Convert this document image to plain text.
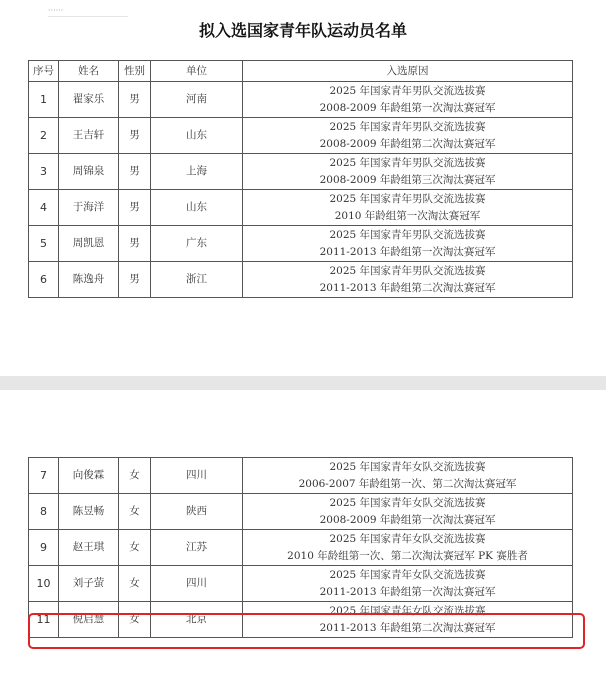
······
拟入选国家青年队运动员名单
序号	姓名	性别	单位	入选原因
1	翟家乐	男	河南	2025 年国家青年男队交流选拔赛
2008-2009 年龄组第一次淘汰赛冠军

2	王吉轩	男	山东	2025 年国家青年男队交流选拔赛
2008-2009 年龄组第二次淘汰赛冠军

3	周锦泉	男	上海	2025 年国家青年男队交流选拔赛
2008-2009 年龄组第三次淘汰赛冠军

4	于海洋	男	山东	2025 年国家青年男队交流选拔赛
2010 年龄组第一次淘汰赛冠军

5	周凯恩	男	广东	2025 年国家青年男队交流选拔赛
2011-2013 年龄组第一次淘汰赛冠军

6	陈逸舟	男	浙江	2025 年国家青年男队交流选拔赛
2011-2013 年龄组第二次淘汰赛冠军
7	向俊霖	女	四川	2025 年国家青年女队交流选拔赛
2006-2007 年龄组第一次、第二次淘汰赛冠军

8	陈昱畅	女	陕西	2025 年国家青年女队交流选拔赛
2008-2009 年龄组第一次淘汰赛冠军

9	赵王琪	女	江苏	2025 年国家青年女队交流选拔赛
2010 年龄组第一次、第二次淘汰赛冠军 PK 赛胜者

10	刘子萤	女	四川	2025 年国家青年女队交流选拔赛
2011-2013 年龄组第一次淘汰赛冠军

11	倪启慧	女	北京	2025 年国家青年女队交流选拔赛
2011-2013 年龄组第二次淘汰赛冠军
